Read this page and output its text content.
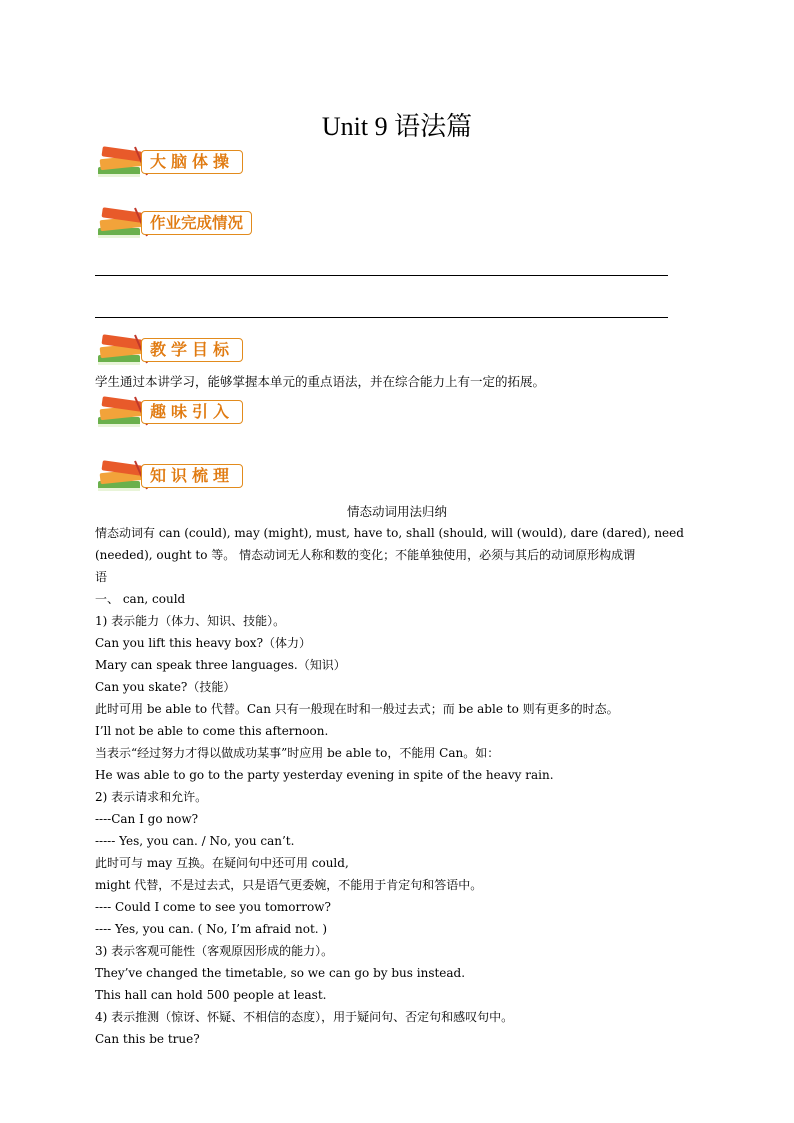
Unit 9 语法篇
大脑体操
作业完成情况
教学目标
学生通过本讲学习，能够掌握本单元的重点语法，并在综合能力上有一定的拓展。
趣味引入
知识梳理
情态动词用法归纳
情态动词有 can (could), may (might), must, have to, shall (should, will (would), dare (dared), need
(needed), ought to 等。 情态动词无人称和数的变化；不能单独使用，必须与其后的动词原形构成谓
语
一、 can, could
1) 表示能力（体力、知识、技能）。
Can you lift this heavy box?（体力）
Mary can speak three languages.（知识）
Can you skate?（技能）
此时可用 be able to 代替。Can 只有一般现在时和一般过去式；而 be able to 则有更多的时态。
I’ll not be able to come this afternoon.
当表示“经过努力才得以做成功某事”时应用 be able to，不能用 Can。如：
He was able to go to the party yesterday evening in spite of the heavy rain.
2) 表示请求和允许。
----Can I go now?
----- Yes, you can. / No, you can’t.
此时可与 may 互换。在疑问句中还可用 could,
might 代替，不是过去式，只是语气更委婉，不能用于肯定句和答语中。
---- Could I come to see you tomorrow?
---- Yes, you can. ( No, I’m afraid not. )
3) 表示客观可能性（客观原因形成的能力）。
They’ve changed the timetable, so we can go by bus instead.
This hall can hold 500 people at least.
4) 表示推测（惊讶、怀疑、不相信的态度），用于疑问句、否定句和感叹句中。
Can this be true?
